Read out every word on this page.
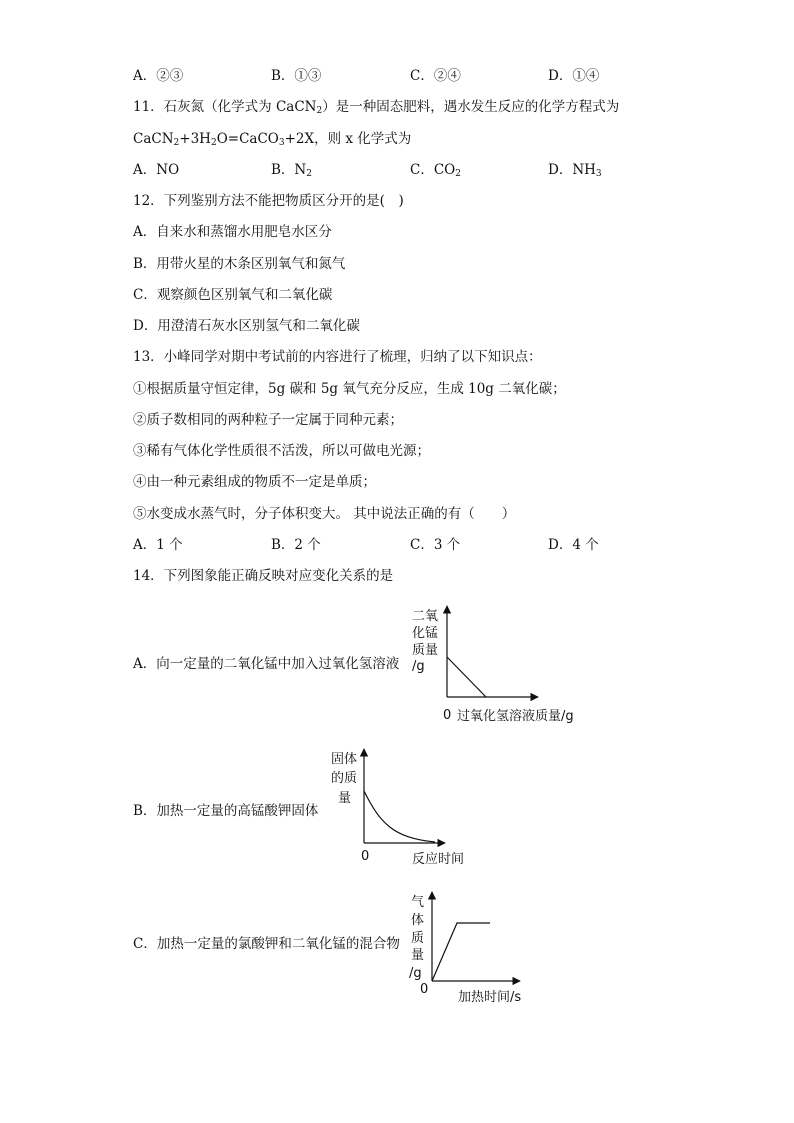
A．②③	B．①③	C．②④	D．①④
11．石灰氮（化学式为 CaCN$_2$）是一种固态肥料，遇水发生反应的化学方程式为
$CaCN_2+3H_2O=CaCO_3+2X$，则 x 化学式为
A．NO	B．$N_2$	C．$CO_2$	D．$NH_3$
12．下列鉴别方法不能把物质区分开的是(　)
A．自来水和蒸馏水用肥皂水区分
B．用带火星的木条区别氧气和氮气
C．观察颜色区别氧气和二氧化碳
D．用澄清石灰水区别氢气和二氧化碳
13．小峰同学对期中考试前的内容进行了梳理，归纳了以下知识点：
①根据质量守恒定律，5g 碳和 5g 氧气充分反应，生成 10g 二氧化碳；
②质子数相同的两种粒子一定属于同种元素；
③稀有气体化学性质很不活泼，所以可做电光源；
④由一种元素组成的物质不一定是单质；
⑤水变成水蒸气时，分子体积变大。 其中说法正确的有（　　）
A．1 个	B．2 个	C．3 个	D．4 个
14．下列图象能正确反映对应变化关系的是
A．向一定量的二氧化锰中加入过氧化氢溶液
二氧
化锰
质量
/g
0 过氧化氢溶液质量/g
B．加热一定量的高锰酸钾固体
固体
的质
量
0	反应时间
C．加热一定量的氯酸钾和二氧化锰的混合物
气
体
质
量
/g
0
加热时间/s
